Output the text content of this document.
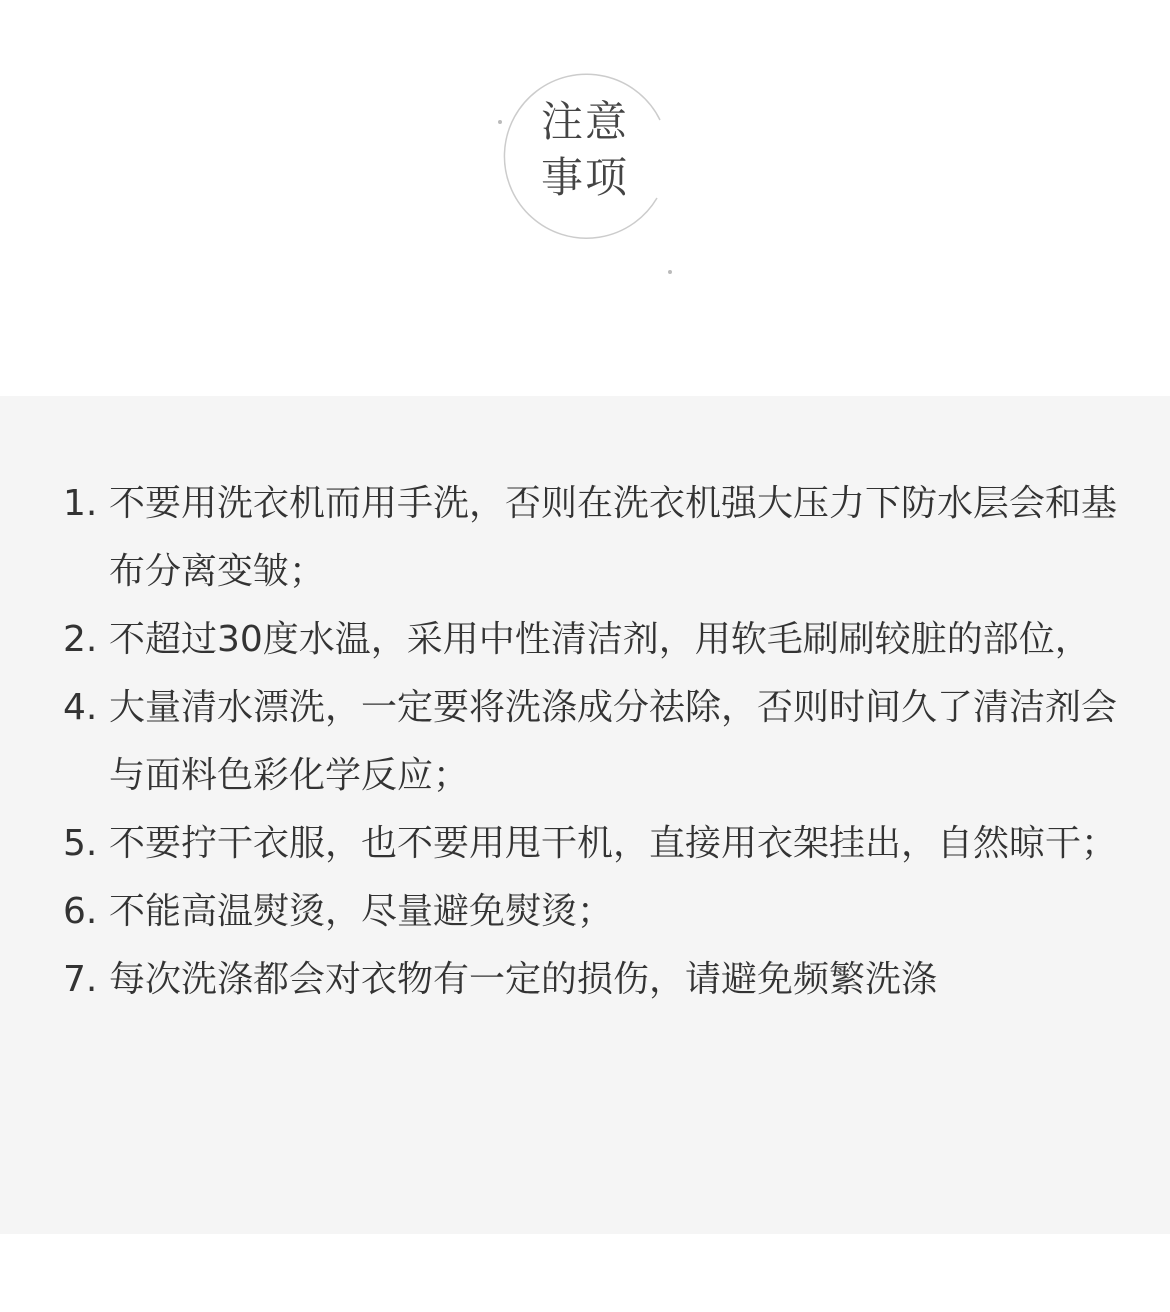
注意
事项
1. 不要用洗衣机而用手洗，否则在洗衣机强大压力下防水层会和基布分离变皱；
2. 不超过30度水温，采用中性清洁剂，用软毛刷刷较脏的部位，
4. 大量清水漂洗，一定要将洗涤成分祛除，否则时间久了清洁剂会与面料色彩化学反应；
5. 不要拧干衣服，也不要用甩干机，直接用衣架挂出，自然晾干；
6. 不能高温熨烫，尽量避免熨烫；
7. 每次洗涤都会对衣物有一定的损伤，请避免频繁洗涤
